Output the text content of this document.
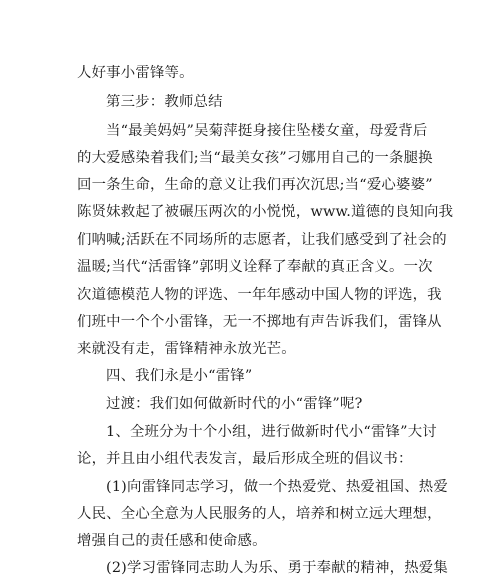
人好事小雷锋等。
第三步：教师总结
当“最美妈妈”吴菊萍挺身接住坠楼女童，母爱背后
的大爱感染着我们;当“最美女孩”刁娜用自己的一条腿换
回一条生命，生命的意义让我们再次沉思;当“爱心婆婆”
陈贤妹救起了被碾压两次的小悦悦，www.道德的良知向我
们呐喊;活跃在不同场所的志愿者，让我们感受到了社会的
温暖;当代“活雷锋”郭明义诠释了奉献的真正含义。一次
次道德模范人物的评选、一年年感动中国人物的评选，我
们班中一个个小雷锋，无一不掷地有声告诉我们，雷锋从
来就没有走，雷锋精神永放光芒。
四、我们永是小“雷锋”
过渡：我们如何做新时代的小“雷锋”呢?
1、全班分为十个小组，进行做新时代小“雷锋”大讨
论，并且由小组代表发言，最后形成全班的倡议书：
(1)向雷锋同志学习，做一个热爱党、热爱祖国、热爱
人民、全心全意为人民服务的人，培养和树立远大理想，
增强自己的责任感和使命感。
(2)学习雷锋同志助人为乐、勇于奉献的精神，热爱集
